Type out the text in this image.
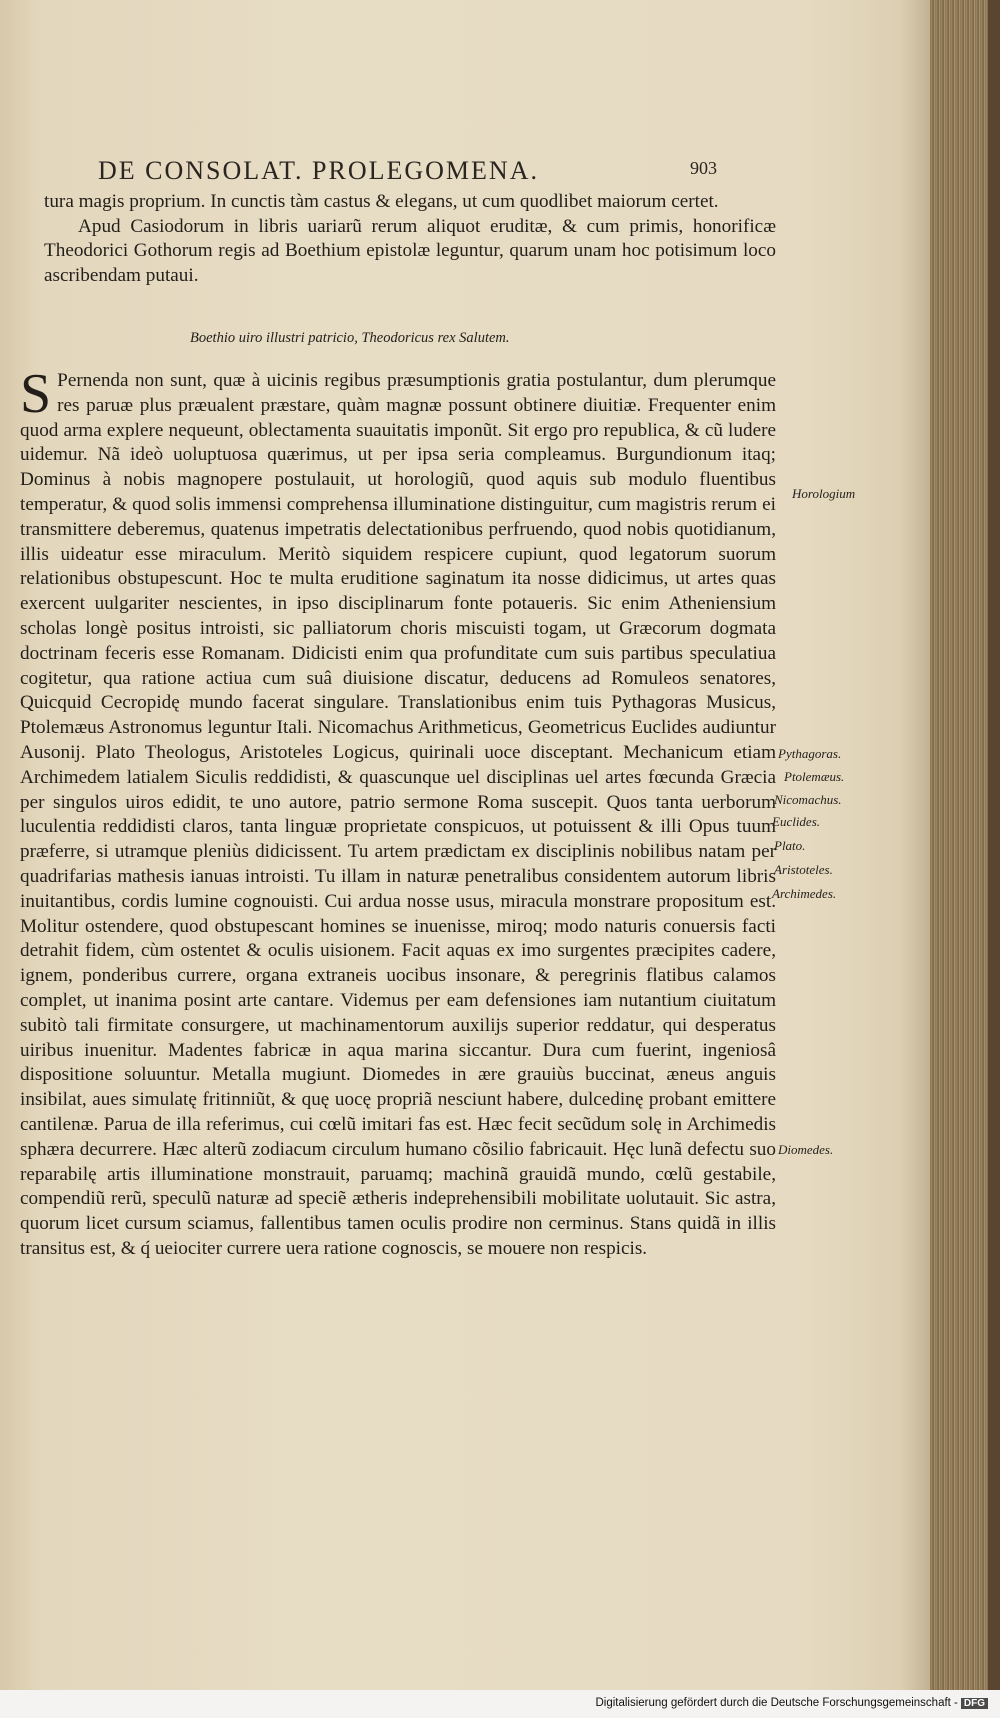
DE CONSOLAT. PROLEGOMENA.	903

tura magis proprium. In cunctis tàm castus & elegans, ut cum quodlibet maiorum certet.

Apud Casiodorum in libris uariarũ rerum aliquot eruditæ, & cum primis, honorificæ Theodorici Gothorum regis ad Boethium epistolæ leguntur, quarum unam hoc potisimum loco ascribendam putaui.

Boethio uiro illustri patricio, Theodoricus rex Salutem.

S Pernenda non sunt, quæ à uicinis regibus præsumptionis gratia postulantur, dum plerumque res paruæ plus præualent præstare, quàm magnæ possunt obtinere diuitiæ. Frequenter enim quod arma explere nequeunt, oblectamenta suauitatis imponũt. Sit ergo pro republica, & cũ ludere uidemur. Nã ideò uoluptuosa quærimus, ut per ipsa seria compleamus. Burgundionum itaq; Dominus à nobis magnopere postulauit, ut horologiũ, quod aquis sub modulo fluentibus temperatur, & quod solis immensi comprehensa illuminatione distinguitur, cum magistris rerum ei transmittere deberemus, quatenus impetratis delectationibus perfruendo, quod nobis quotidianum, illis uideatur esse miraculum. Meritò siquidem respicere cupiunt, quod legatorum suorum relationibus obstupescunt. Hoc te multa eruditione saginatum ita nosse didicimus, ut artes quas exercent uulgariter nescientes, in ipso disciplinarum fonte potaueris. Sic enim Atheniensium scholas longè positus introisti, sic palliatorum choris miscuisti togam, ut Græcorum dogmata doctrinam feceris esse Romanam. Didicisti enim qua profunditate cum suis partibus speculatiua cogitetur, qua ratione actiua cum suâ diuisione discatur, deducens ad Romuleos senatores, Quicquid Cecropidę mundo facerat singulare. Translationibus enim tuis Pythagoras Musicus, Ptolemæus Astronomus leguntur Itali. Nicomachus Arithmeticus, Geometricus Euclides audiuntur Ausonij. Plato Theologus, Aristoteles Logicus, quirinali uoce disceptant. Mechanicum etiam Archimedem latialem Siculis reddidisti, & quascunque uel disciplinas uel artes fœcunda Græcia per singulos uiros edidit, te uno autore, patrio sermone Roma suscepit. Quos tanta uerborum luculentia reddidisti claros, tanta linguæ proprietate conspicuos, ut potuissent & illi Opus tuum præferre, si utramque pleniùs didicissent. Tu artem prædictam ex disciplinis nobilibus natam per quadrifarias mathesis ianuas introisti. Tu illam in naturæ penetralibus considentem autorum libris inuitantibus, cordis lumine cognouisti. Cui ardua nosse usus, miracula monstrare propositum est. Molitur ostendere, quod obstupescant homines se inuenisse, miroq; modo naturis conuersis facti detrahit fidem, cùm ostentet & oculis uisionem. Facit aquas ex imo surgentes præcipites cadere, ignem, ponderibus currere, organa extraneis uocibus insonare, & peregrinis flatibus calamos complet, ut inanima posint arte cantare. Videmus per eam defensiones iam nutantium ciuitatum subitò tali firmitate consurgere, ut machinamentorum auxilijs superior reddatur, qui desperatus uiribus inuenitur. Madentes fabricæ in aqua marina siccantur. Dura cum fuerint, ingeniosâ dispositione soluuntur. Metalla mugiunt. Diomedes in ære grauiùs buccinat, æneus anguis insibilat, aues simulatę fritinniũt, & quę uocę propriã nesciunt habere, dulcedinę probant emittere cantilenæ. Parua de illa referimus, cui cœlũ imitari fas est. Hæc fecit secũdum solę in Archimedis sphæra decurrere. Hæc alterũ zodiacum circulum humano cõsilio fabricauit. Hęc lunã defectu suo reparabilę artis illuminatione monstrauit, paruamq; machinã grauidã mundo, cœlũ gestabile, compendiũ rerũ, speculũ naturæ ad speciẽ ætheris indeprehensibili mobilitate uolutauit. Sic astra, quorum licet cursum sciamus, fallentibus tamen oculis prodire non cerminus. Stans quidã in illis transitus est, & q́ ueiociter currere uera ratione cognoscis, se mouere non respicis.

Horologium
Pythagoras.
Ptolemæus.
Nicomachus.
Euclides.
Plato.
Aristoteles.
Archimedes.
Diomedes.
Digitalisierung gefördert durch die Deutsche Forschungsgemeinschaft - DFG
